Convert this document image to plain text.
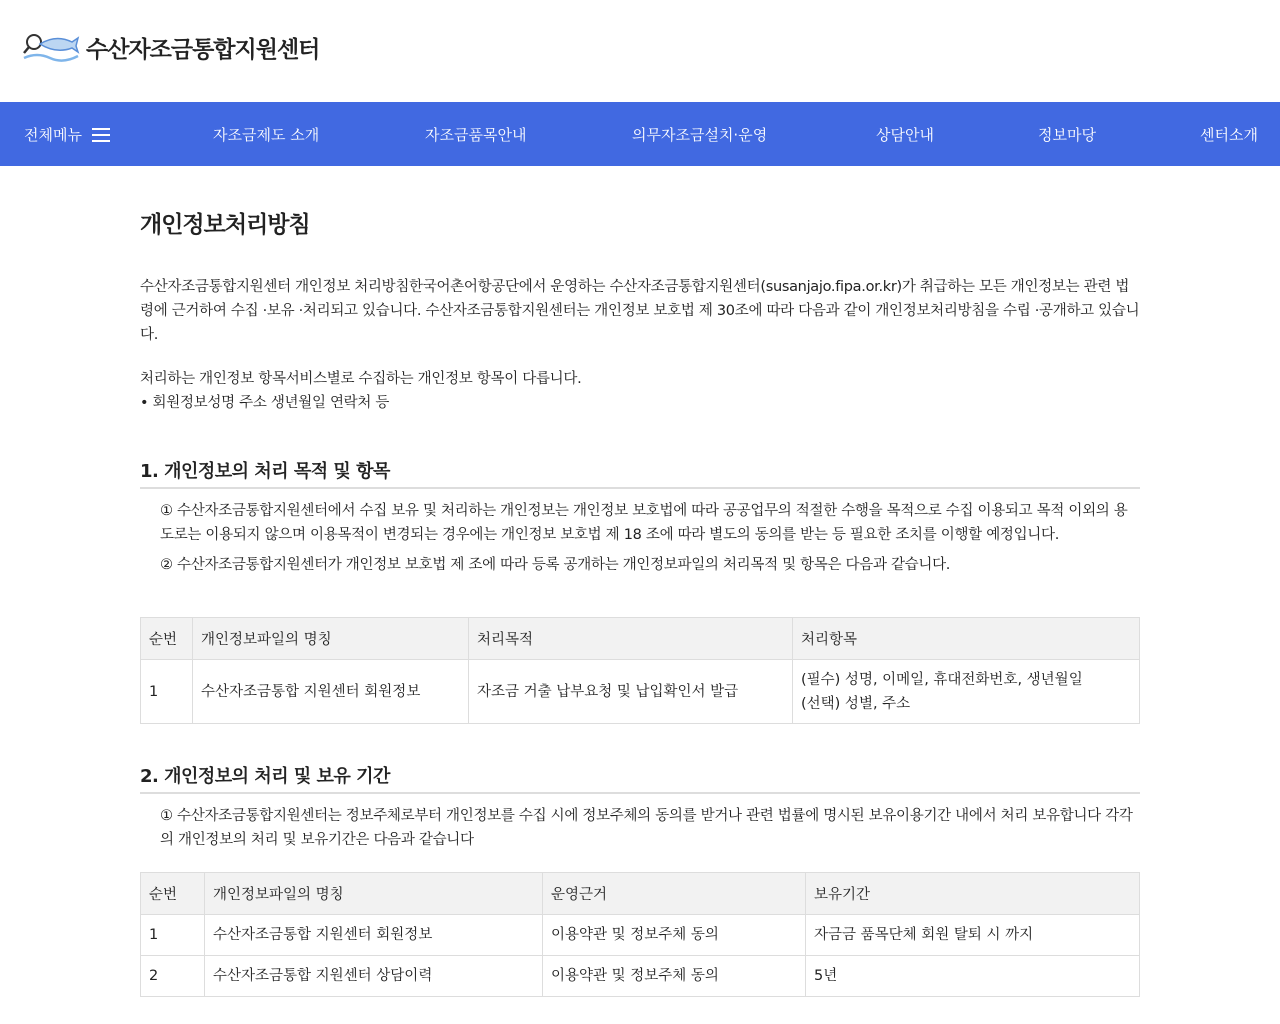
수산자조금통합지원센터
전체메뉴	자조금제도 소개	자조금품목안내	의무자조금설치·운영	상담안내	정보마당	센터소개
개인정보처리방침

수산자조금통합지원센터 개인정보 처리방침한국어촌어항공단에서 운영하는 수산자조금통합지원센터(susanjajo.fipa.or.kr)가 취급하는 모든 개인정보는 관련 법령에 근거하여 수집 ·보유 ·처리되고 있습니다. 수산자조금통합지원센터는 개인정보 보호법 제 30조에 따라 다음과 같이 개인정보처리방침을 수립 ·공개하고 있습니다.

처리하는 개인정보 항목서비스별로 수집하는 개인정보 항목이 다릅니다.

• 회원정보성명 주소 생년월일 연락처 등

1. 개인정보의 처리 목적 및 항목

① 수산자조금통합지원센터에서 수집 보유 및 처리하는 개인정보는 개인정보 보호법에 따라 공공업무의 적절한 수행을 목적으로 수집 이용되고 목적 이외의 용도로는 이용되지 않으며 이용목적이 변경되는 경우에는 개인정보 보호법 제 18 조에 따라 별도의 동의를 받는 등 필요한 조치를 이행할 예정입니다.

② 수산자조금통합지원센터가 개인정보 보호법 제 조에 따라 등록 공개하는 개인정보파일의 처리목적 및 항목은 다음과 같습니다.

순번	개인정보파일의 명칭	처리목적	처리항목
1	수산자조금통합 지원센터 회원정보	자조금 거출 납부요청 및 납입확인서 발급	(필수) 성명, 이메일, 휴대전화번호, 생년월일
(선택) 성별, 주소
2. 개인정보의 처리 및 보유 기간

① 수산자조금통합지원센터는 정보주체로부터 개인정보를 수집 시에 정보주체의 동의를 받거나 관련 법률에 명시된 보유이용기간 내에서 처리 보유합니다 각각의 개인정보의 처리 및 보유기간은 다음과 같습니다

순번	개인정보파일의 명칭	운영근거	보유기간
1	수산자조금통합 지원센터 회원정보	이용약관 및 정보주체 동의	자금금 품목단체 회원 탈퇴 시 까지
2	수산자조금통합 지원센터 상담이력	이용약관 및 정보주체 동의	5년
